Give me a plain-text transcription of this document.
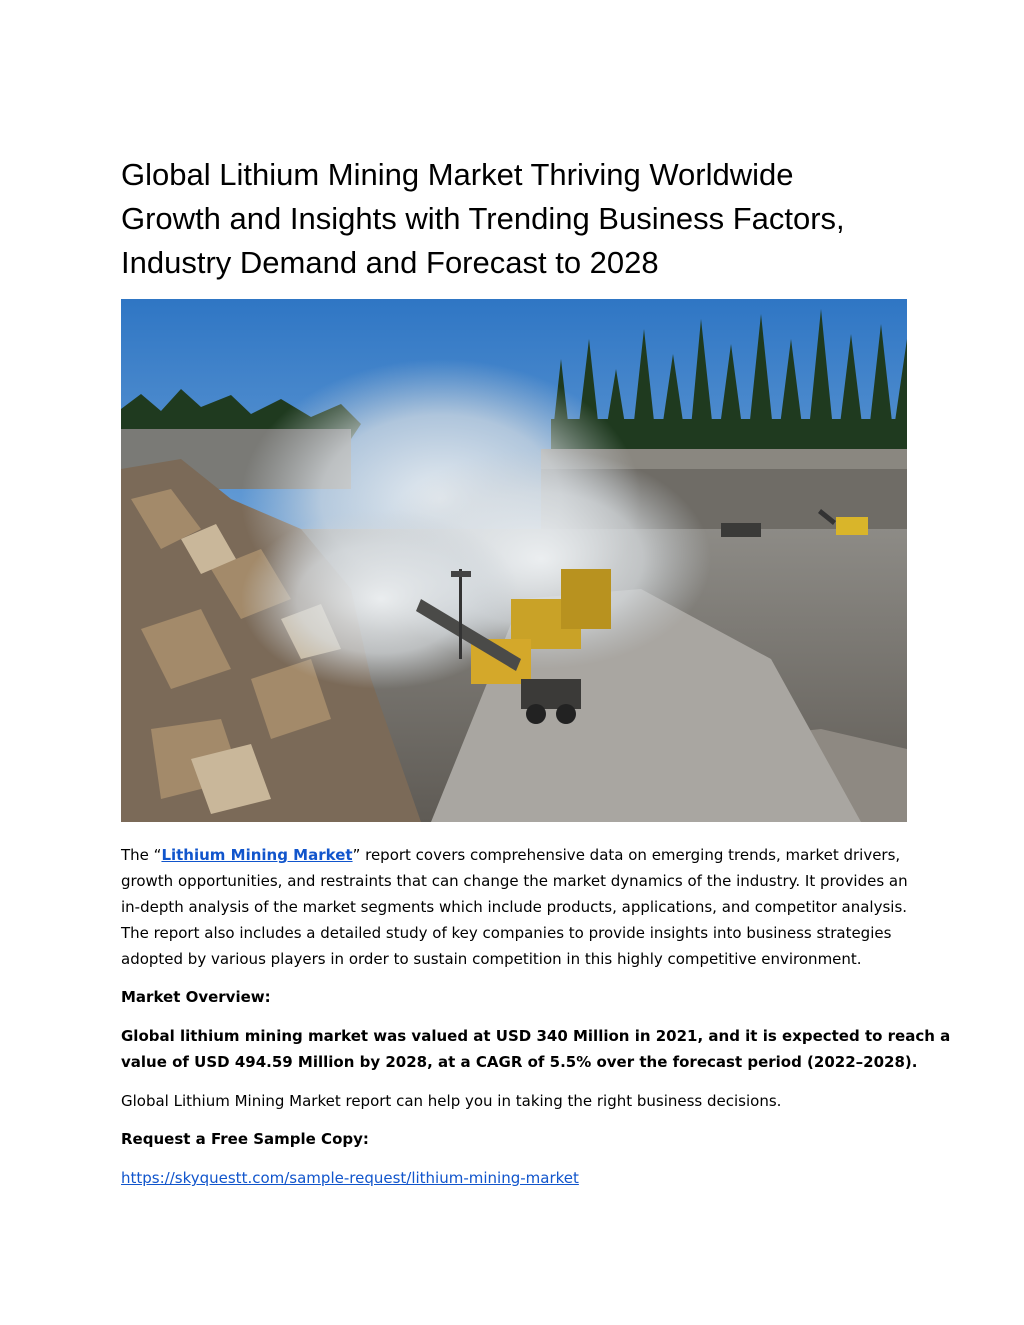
Global Lithium Mining Market Thriving Worldwide
Growth and Insights with Trending Business Factors,
Industry Demand and Forecast to 2028
The “Lithium Mining Market” report covers comprehensive data on emerging trends, market drivers,
growth opportunities, and restraints that can change the market dynamics of the industry. It provides an
in-depth analysis of the market segments which include products, applications, and competitor analysis.
The report also includes a detailed study of key companies to provide insights into business strategies
adopted by various players in order to sustain competition in this highly competitive environment.
Market Overview:
Global lithium mining market was valued at USD 340 Million in 2021, and it is expected to reach a
value of USD 494.59 Million by 2028, at a CAGR of 5.5% over the forecast period (2022–2028).
Global Lithium Mining Market report can help you in taking the right business decisions.
Request a Free Sample Copy:
https://skyquestt.com/sample-request/lithium-mining-market
